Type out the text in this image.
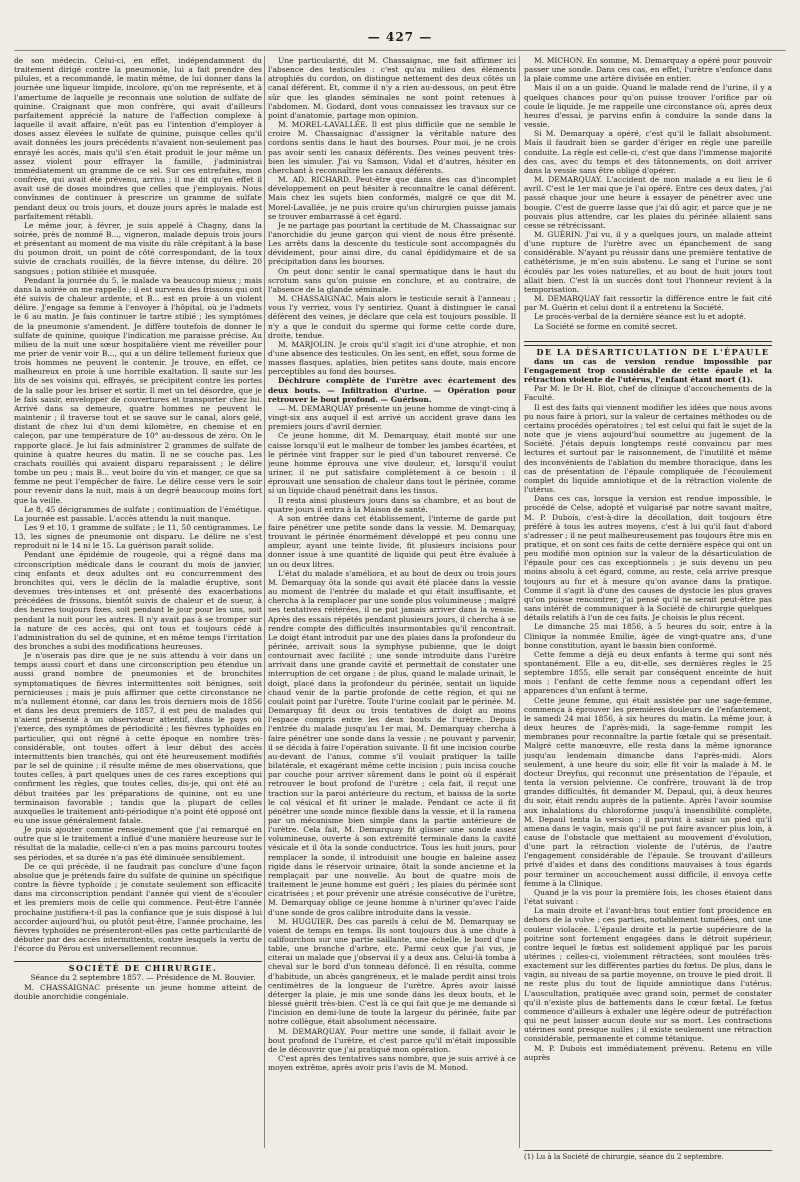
— 427 —

de son médecin. Celui-ci, en effet, indépendamment du traitement dirigé contre la pneumonie, lui a fait prendre des pilules, et a recommandé, le matin même, de lui donner dans la journée une liqueur limpide, incolore, qu'on me représente, et à l'amertume de laquelle je reconnais une solution de sulfate de quinine. Craignant que mon confrère, qui avait d'ailleurs parfaitement apprécié la nature de l'affection complexe à laquelle il avait affaire, n'eût pas eu l'intention d'employer à doses assez élevées le sulfate de quinine, puisque celles qu'il avait données les jours précédents n'avaient non-seulement pas enrayé les accès, mais qu'il s'en était produit le jour même un assez violent pour effrayer la famille, j'administrai immédiatement un gramme de ce sel. Sur ces entrefaites, mon confrère, qui avait été prévenu, arriva ; il me dit qu'en effet il avait usé de doses moindres que celles que j'employais. Nous convînmes de continuer à prescrire un gramme de sulfate pendant deux ou trois jours, et douze jours après le malade est parfaitement rétabli.

Le même jour, à févrer, je suis appelé à Chagny, dans la soirée, près de nommé B..., vigneron, malade depuis trois jours et présentant au moment de ma visite du râle crépitant à la base du poumon droit, un point de côté correspondant, de la toux suivie de crachats rouillés, de la fièvre intense, du délire. 20 sangsues ; potion stibiée et musquée.

Pendant la journée du 5, le malade va beaucoup mieux ; mais dans la soirée on me rappelle ; il est survenu des frissons qui ont été suivis de chaleur ardente, et B... est en proie à un violent délire. J'engage sa femme à l'envoyer à l'hôpital, où je l'admets le 6 au matin. Je fais continuer le tartre stibié ; les symptômes de la pneumonie s'amendent. Je diffère toutefois de donner le sulfate de quinine, quoique l'indication me paraisse précise. Au milieu de la nuit une sœur hospitalière vient me réveiller pour me prier de venir voir B..., qui a un délire tellement furieux que trois hommes ne peuvent le contenir. Je trouve, en effet, ce malheureux en proie à une horrible exaltation. Il saute sur les lits de ses voisins qui, effrayés, se précipitent contre les portes de la salle pour les briser et sortir. Il met un tel désordre, que je le fais saisir, envelopper de couvertures et transporter chez lui. Arrivé dans sa demeure, quatre hommes ne peuvent le maintenir ; il traverse tout et se sauve sur le canal, alors gelé, distant de chez lui d'un demi kilomètre, en chemise et en caleçon, par une température de 10° au-dessous de zéro. On le rapporte glacé. Je lui fais administrer 2 grammes de sulfate de quinine à quatre heures du matin. Il ne se couche pas. Les crachats rouillés qui avaient disparu reparaissent ; le délire tombe un peu ; mais B... veut boire du vin et manger, ce que sa femme ne peut l'empêcher de faire. Le délire cesse vers le soir pour revenir dans la nuit, mais à un degré beaucoup moins fort que la veille.

Le 8, 45 décigrammes de sulfate ; continuation de l'émétique. La journée est passable. L'accès attendu la nuit manque.

Les 9 et 10, 1 gramme de sulfate ; le 11, 50 centigrammes. Le 13, les signes de pneumonie ont disparu. Le délire ne s'est reproduit ni le 14 ni le 15. La guérison paraît solide.

Pendant une épidémie de rougeole, qui a régné dans ma circonscription médicale dans le courant du mois de janvier, cinq enfants et deux adultes ont eu concurremment des bronchites qui, vers le déclin de la maladie éruptive, sont devenues très-intenses et ont présenté des exacerbations précédées de frissons, bientôt suivis de chaleur et de sueur, à des heures toujours fixes, soit pendant le jour pour les uns, soit pendant la nuit pour les autres. Il n'y avait pas à se tromper sur la nature de ces accès, qui ont tous et toujours cédé à l'administration du sel de quinine, et en même temps l'irritation des bronches a subi des modifications heureuses.

Je n'oserais pas dire que je ne suis attendu à voir dans un temps aussi court et dans une circonscription peu étendue un aussi grand nombre de pneumonies et de bronchites symptomatiques de fièvres intermittentes soit bénignes, soit pernicieuses ; mais je puis affirmer que cette circonstance ne m'a nullement étonné, car dans les trois derniers mois de 1856 et dans les deux premiers de 1857, il est peu de malades qui n'aient présenté à un observateur attentif, dans le pays où j'exerce, des symptômes de périodicité ; les fièvres typhoïdes en particulier, qui ont régné à cette époque en nombre très-considérable, ont toutes offert à leur début des accès intermittents bien tranchés, qui ont été heureusement modifiés par le sel de quinine ; il résulte même de mes observations, que toutes celles, à part quelques unes de ces rares exceptions qui confirment les règles, que toutes celles, dis-je, qui ont été au début traitées par les préparations de quinine, ont eu une terminaison favorable ; tandis que la plupart de celles auxquelles le traitement anti-périodique n'a point été opposé ont eu une issue généralement fatale.

Je puis ajouter comme renseignement que j'ai remarqué en outre que si le traitement a influé d'une manière heureuse sur le résultat de la maladie, celle-ci n'en a pas moins parcouru toutes ses périodes, et sa durée n'a pas été diminuée sensiblement.

De ce qui précède, il ne faudrait pas conclure d'une façon absolue que je prétends faire du sulfate de quinine un spécifique contre la fièvre typhoïde ; je constate seulement son efficacité dans ma circonscription pendant l'année qui vient de s'écouler et les premiers mois de celle qui commence. Peut-être l'année prochaine justifiera-t-il pas la confiance que je suis disposé à lui accorder aujourd'hui, ou plutôt peut-être, l'année prochaine, les fièvres typhoïdes ne présenteront-elles pas cette particularité de débuter par des accès intermittents, contre lesquels la vertu de l'écorce du Pérou est universellement reconnue.

SOCIÉTÉ DE CHIRURGIE.

Séance du 2 septembre 1857. — Présidence de M. Bouvier.

M. CHASSAIGNAC présente un jeune homme atteint de double anorchidie congéniale.

Une particularité, dit M. Chassaignac, me fait affirmer ici l'absence des testicules : c'est qu'au milieu des éléments atrophiés du cordon, on distingue nettement des deux côtés un canal déférent. Et, comme il n'y a rien au-dessous, on peut être sûr que les glandes séminales ne sont point retenues à l'abdomen. M. Godard, dont vous connaissez les travaux sur ce point d'anatomie, partage mon opinion.

M. MOREL-LAVALLÉE. Il est plus difficile que ne semble le croire M. Chassaignac d'assigner la véritable nature des cordons sentis dans le haut des bourses. Pour moi, je ne crois pas avoir senti les canaux déférents. Des veines peuvent très-bien les simuler. J'ai vu Samson, Vidal et d'autres, hésiter en cherchant à reconnaître les canaux déférents.

M. AD. RICHARD. Peut-être que dans des cas d'incomplet développement on peut hésiter à reconnaître le canal déférent. Mais chez les sujets bien conformés, malgré ce que dit M. Morel-Lavallée, je ne puis croire qu'un chirurgien puisse jamais se trouver embarrassé à cet égard.

Je ne partage pas pourtant la certitude de M. Chassaignac sur l'anorchidie du jeune garçon qui vient de nous être présenté. Les arrêts dans la descente du testicule sont accompagnés du dévidement, pour ainsi dire, du canal épididymaire et de sa précipitation dans les bourses.

On peut donc sentir le canal spermatique dans le haut du scrotum sans qu'on puisse en conclure, et au contraire, de l'absence de la glande séminale.

M. CHASSAIGNAC. Mais alors le testicule serait à l'anneau ; vous l'y verriez, vous l'y sentiriez. Quant à distinguer le canal déférent des veines, je déclare que cela est toujours possible. Il n'y a que le conduit du sperme qui forme cette corde dure, droite, tendue.

M. MARJOLIN. Je crois qu'il s'agit ici d'une atrophie, et non d'une absence des testicules. On les sent, en effet, sous forme de masses flasques, aplaties, bien petites sans doute, mais encore perceptibles au fond des bourses.

Déchirure complète de l'urètre avec écartement des deux bouts. — Infiltration d'urine. — Opération pour retrouver le bout profond. — Guérison.

— M. DEMARQUAY présente un jeune homme de vingt-cinq à vingt-six ans auquel il est arrivé un accident grave dans les premiers jours d'avril dernier.

Ce jeune homme, dit M. Demarquay, était monté sur une caisse lorsqu'il eut le malheur de tomber les jambes écartées, et le périnée vint frapper sur le pied d'un tabouret renversé. Ce jeune homme éprouva une vive douleur, et, lorsqu'il voulut uriner, il ne put satisfaire complètement à ce besoin : il éprouvait une sensation de chaleur dans tout le périnée, comme si un liquide chaud pénétrait dans les tissus.

Il resta ainsi plusieurs jours dans sa chambre, et au bout de quatre jours il entra à la Maison de santé.

A son entrée dans cet établissement, l'interne de garde put faire pénétrer une petite sonde dans la vessie. M. Demarquay, trouvant le périnée énormément développé et peu connu une ampleur, ayant une teinte livide, fit plusieurs incisions pour donner issue à une quantité de liquide qui peut être évaluée à un ou deux litres.

L'état du malade s'améliora, et au bout de deux ou trois jours M. Demarquay ôta la sonde qui avait été placée dans la vessie au moment de l'entrée du malade et qui était insuffisante, et chercha à la remplacer par une sonde plus volumineuse ; malgré ses tentatives réitérées, il ne put jamais arriver dans la vessie. Après des essais répétés pendant plusieurs jours, il chercha à se rendre compte des difficultés insurmontables qu'il rencontrait. Le doigt étant introduit par une des plaies dans la profondeur du périnée, arrivait sous la symphyse pubienne, que le doigt contournait avec facilité ; une sonde introduite dans l'urètre arrivait dans une grande cavité et permettait de constater une interruption de cet organe ; de plus, quand le malade urinait, le doigt, placé dans la profondeur du périnée, sentait un liquide chaud venir de la partie profonde de cette région, et qui ne coulait point par l'urètre. Toute l'urine coulait par le périnée. M. Demarquay fit deux ou trois tentatives de doigt au moins l'espace compris entre les deux bouts de l'urètre. Depuis l'entrée du malade jusqu'au 1er mai, M. Demarquay chercha à faire pénétrer une sonde dans la vessie ; ne pouvant y parvenir, il se décida à faire l'opération suivante. Il fit une incision courbe au-devant de l'anus, comme s'il voulait pratiquer la taille bilatérale, et exagérant même cette incision ; puis incisa couche par couche pour arriver sûrement dans le point où il espérait retrouver le bout profond de l'urètre ; cela fait, il reçut une traction sur la paroi antérieure du rectum, et baissa de la sorte le col vésical et fit uriner le malade. Pendant ce acte il fit pénétrer une sonde mince flexible dans la vessie, et il la ramena par un mécanisme bien simple dans la partie antérieure de l'urètre. Cela fait, M. Demarquay fit glisser une sonde assez volumineuse, ouverte à son extrémité terminale dans la cavité vésicale et il ôta la sonde conductrice. Tous les huit jours, pour remplacer la sonde, il introduisit une bougie en baleine assez rigide dans le réservoir urinaire, ôtait la sonde ancienne et la remplaçait par une nouvelle. Au bout de quatre mois de traitement le jeune homme est guéri ; les plaies du périnée sont cicatrisées ; et pour prévenir une atrésie consécutive de l'urètre, M. Demarquay oblige ce jeune homme à n'uriner qu'avec l'aide d'une sonde de gros calibre introduite dans la vessie.

M. HUGUIER. Des cas pareils à celui de M. Demarquay se voient de temps en temps. Ils sont toujours dus à une chute à califourchon sur une partie saillante, une échelle, le bord d'une table, une branche d'arbre, etc. Parmi ceux que j'ai vus, je citerai un malade que j'observai il y a deux ans. Celui-là tomba à cheval sur le bord d'un tonneau défoncé. Il en résulta, comme d'habitude, un abcès gangréneux, et le malade perdit ainsi trois centimètres de la longueur de l'urètre. Après avoir laissé déterger la plaie, je mis une sonde dans les deux bouts, et le blessé guérit très-bien. C'est là ce qui fait que je me demande si l'incision en demi-lune de toute la largeur du périnée, faite par notre collègue, était absolument nécessaire.

M. DEMARQUAY. Pour mettre une sonde, il fallait avoir le bout profond de l'urètre, et c'est parce qu'il m'était impossible de le découvrir que j'ai pratiqué mon opération.

C'est après des tentatives sans nombre, que je suis arrivé à ce moyen extrême, après avoir pris l'avis de M. Monod.

M. MICHON. En somme, M. Demarquay a opéré pour pouvoir passer une sonde. Dans ces cas, en effet, l'urètre s'enfonce dans la plaie comme une artère divisée en entier.

Mais il on a un guide. Quand le malade rend de l'urine, il y a quelques chances pour qu'on puisse trouver l'orifice par où coule le liquide. Je me rappelle une circonstance où, après deux heures d'essai, je parvins enfin à conduire la sonde dans la vessie.

Si M. Demarquay a opéré, c'est qu'il le fallait absolument. Mais il faudrait bien se garder d'ériger en règle une pareille conduite. La règle est celle-ci, c'est que dans l'immense majorité des cas, avec du temps et des tâtonnements, on doit arriver dans la vessie sans être obligé d'opérer.

M. DEMARQUAY. L'accident de mon malade a eu lieu le 6 avril. C'est le 1er mai que je l'ai opéré. Entre ces deux dates, j'ai passé chaque jour une heure à essayer de pénétrer avec une bougie. C'est de guerre lasse que j'ai dû agir, et parce que je ne pouvais plus attendre, car les plaies du périnée allaient sans cesse se rétrécissant.

M. GUÉRIN. J'ai vu, il y a quelques jours, un malade atteint d'une rupture de l'urètre avec un épanchement de sang considérable. N'ayant pu réussir dans une première tentative de cathétérisme, je m'en suis abstenu. Le sang et l'urine se sont écoulés par les voies naturelles, et au bout de huit jours tout allait bien. C'est là un succès dont tout l'honneur revient à la temporisation.

M. DEMARQUAY fait ressortir la différence entre le fait cité par M. Guérin et celui dont il a entretenu la Société.

Le procès-verbal de la dernière séance est lu et adopté.

La Société se forme en comité secret.

DE LA DÉSARTICULATION DE L'ÉPAULE

dans un cas de version rendue impossible par l'engagement trop considérable de cette épaule et la rétraction violente de l'utérus, l'enfant étant mort (1).

Par M. le Dr H. Blot, chef de clinique d'accouchements de la Faculté.

Il est des faits qui viennent modifier les idées que nous avons pu nous faire à priori, sur la valeur de certaines méthodes ou de certains procédés opératoires ; tel est celui qui fait le sujet de la note que je viens aujourd'hui soumettre au jugement de la Société. J'étais depuis longtemps resté convaincu par mes lectures et surtout par le raisonnement, de l'inutilité et même des inconvénients de l'ablation du membre thoracique, dans les cas de présentation de l'épaule compliquée de l'écoulement complet du liquide amniotique et de la rétraction violente de l'utérus.

Dans ces cas, lorsque la version est rendue impossible, le procédé de Celse, adopté et vulgarisé par notre savant maître, M. P. Dubois, c'est-à-dire la décollation, doit toujours être préféré à tous les autres moyens, c'est à lui qu'il faut d'abord s'adresser ; il ne peut malheureusement pas toujours être mis en pratique, et on sont ces faits de cette dernière espèce qui ont un peu modifié mon opinion sur la valeur de la désarticulation de l'épaule pour ces cas exceptionnels ; je suis devenu un peu moins absolu à cet égard, comme, au reste, cela arrive presque toujours au fur et à mesure qu'on avance dans la pratique. Comme il s'agit là d'une des causes de dystocie les plus graves qu'on puisse rencontrer, j'ai pensé qu'il ne serait peut-être pas sans intérêt de communiquer à la Société de chirurgie quelques détails relatifs à l'un de ces faits. Je choisis le plus récent.

Le dimanche 25 mai 1856, à 5 heures du soir, entre à la Clinique la nommée Emilie, âgée de vingt-quatre ans, d'une bonne constitution, ayant le bassin bien conformé.

Cette femme a déjà eu deux enfants à terme qui sont nés spontanément. Elle a eu, dit-elle, ses dernières règles le 25 septembre 1855, elle serait par conséquent enceinte de huit mois ; l'enfant de cette femme nous a cependant offert les apparences d'un enfant à terme.

Cette jeune femme, qui était assistée par une sage-femme, commença à éprouver les premières douleurs de l'enfantement, le samedi 24 mai 1856, à six heures du matin. La même jour, à deux heures de l'après-midi, la sage-femme rompit les membranes pour reconnaître la partie fœtale qui se présentait. Malgré cette manœuvre, elle resta dans la même ignorance jusqu'au lendemain dimanche dans l'après-midi. Alors seulement, à une heure du soir, elle fit voir la malade à M. le docteur Dreyfus, qui reconnut une présentation de l'épaule, et tenta la version pelvienne. Ce confrère, trouvant là de trop grandes difficultés, fit demander M. Depaul, qui, à deux heures du soir, était rendu auprès de la patiente. Après l'avoir soumise aux inhalations du chloroforme jusqu'à insensibilité complète, M. Depaul tenta la version ; il parvint à saisir un pied qu'il amena dans le vagin, mais qu'il ne put faire avancer plus loin, à cause de l'obstacle que mettaient au mouvement d'évolution, d'une part la rétraction violente de l'utérus, de l'autre l'engagement considérable de l'épaule. Se trouvant d'ailleurs privé d'aides et dans des conditions mauvaises à tous égards pour terminer un accouchement aussi difficile, il envoya cette femme à la Clinique.

Quand je la vis pour la première fois, les choses étaient dans l'état suivant :

La main droite et l'avant-bras tout entier font procidence en dehors de la vulve ; ces parties, notablement tuméfiées, ont une couleur violacée. L'épaule droite et la partie supérieure de la poitrine sont fortement engagées dans le détroit supérieur, contre lequel le fœtus est solidement appliqué par les parois utérines ; celles-ci, violemment rétractées, sont moulées très-exactement sur les différentes parties du fœtus. De plus, dans le vagin, au niveau de sa partie moyenne, on trouve le pied droit. Il ne reste plus du tout de liquide amniotique dans l'utérus. L'auscultation, pratiquée avec grand soin, permet de constater qu'il n'existe plus de battements dans le cœur fœtal. Le fœtus commence d'ailleurs à exhaler une légère odeur de putréfaction qui ne peut laisser aucun doute sur sa mort. Les contractions utérines sont presque nulles ; il existe seulement une rétraction considérable, permanente et comme tétanique.

M. P. Dubois est immédiatement prévenu. Retenu en ville auprès

(1) Lu à la Société de chirurgie, séance du 2 septembre.
